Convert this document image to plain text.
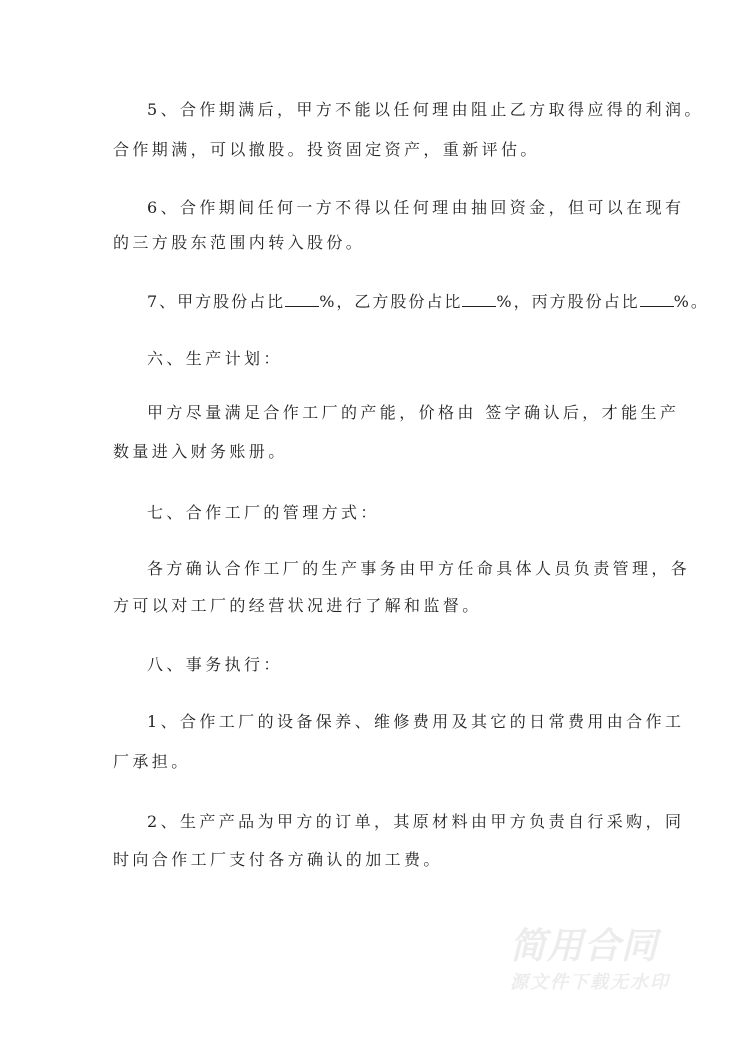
5、合作期满后，甲方不能以任何理由阻止乙方取得应得的利润。
合作期满，可以撤股。投资固定资产，重新评估。
6、合作期间任何一方不得以任何理由抽回资金，但可以在现有
的三方股东范围内转入股份。
7、甲方股份占比 %，乙方股份占比 %，丙方股份占比 %。
六、生产计划：
甲方尽量满足合作工厂的产能，价格由 签字确认后，才能生产
数量进入财务账册。
七、合作工厂的管理方式：
各方确认合作工厂的生产事务由甲方任命具体人员负责管理，各
方可以对工厂的经营状况进行了解和监督。
八、事务执行：
1、合作工厂的设备保养、维修费用及其它的日常费用由合作工
厂承担。
2、生产产品为甲方的订单，其原材料由甲方负责自行采购，同
时向合作工厂支付各方确认的加工费。
简用合同
源文件下载无水印
